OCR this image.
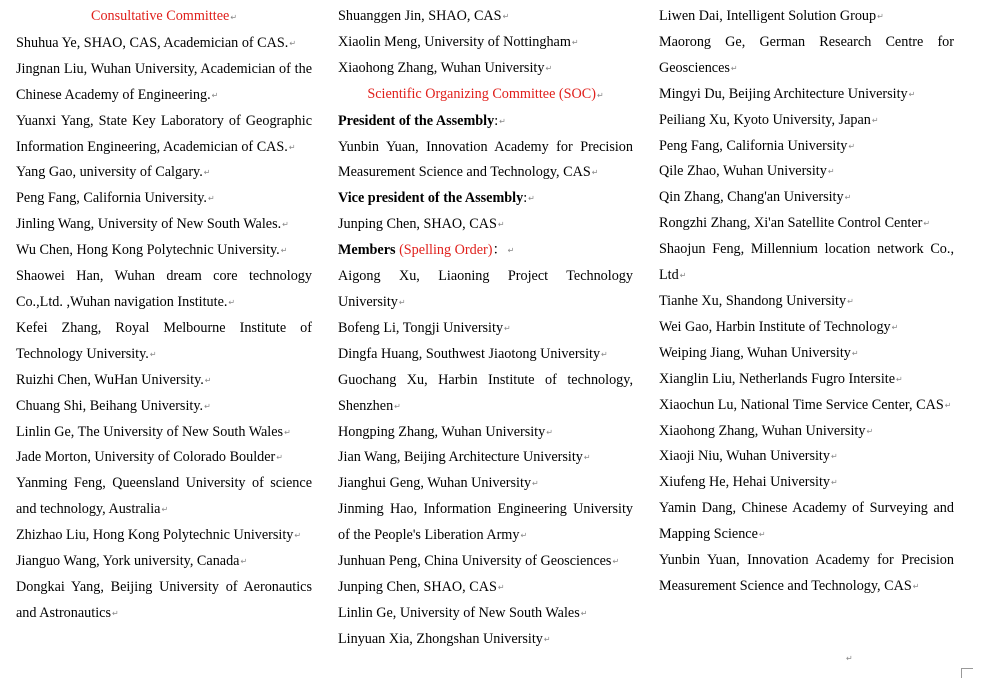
Consultative Committee ↵

Shuhua Ye, SHAO, CAS, Academician of CAS. ↵

Jingnan Liu, Wuhan University, Academician of the Chinese Academy of Engineering. ↵

Yuanxi Yang, State Key Laboratory of Geographic Information Engineering, Academician of CAS. ↵

Yang Gao, university of Calgary. ↵

Peng Fang, California University. ↵

Jinling Wang, University of New South Wales. ↵

Wu Chen, Hong Kong Polytechnic University. ↵

Shaowei Han, Wuhan dream core technology Co.,Ltd. ,Wuhan navigation Institute. ↵

Kefei Zhang, Royal Melbourne Institute of Technology University. ↵

Ruizhi Chen, WuHan University. ↵

Chuang Shi, Beihang University. ↵

Linlin Ge, The University of New South Wales ↵

Jade Morton, University of Colorado Boulder ↵

Yanming Feng, Queensland University of science and technology, Australia ↵

Zhizhao Liu, Hong Kong Polytechnic University ↵

Jianguo Wang, York university, Canada ↵

Dongkai Yang, Beijing University of Aeronautics and Astronautics ↵

Shuanggen Jin, SHAO, CAS ↵

Xiaolin Meng, University of Nottingham ↵

Xiaohong Zhang, Wuhan University ↵

Scientific Organizing Committee (SOC) ↵

President of the Assembly: ↵

Yunbin Yuan, Innovation Academy for Precision Measurement Science and Technology, CAS ↵

Vice president of the Assembly: ↵

Junping Chen, SHAO, CAS ↵

Members (Spelling Order)： ↵

Aigong Xu, Liaoning Project Technology University ↵

Bofeng Li, Tongji University ↵

Dingfa Huang, Southwest Jiaotong University ↵

Guochang Xu, Harbin Institute of technology, Shenzhen ↵

Hongping Zhang, Wuhan University ↵

Jian Wang, Beijing Architecture University ↵

Jianghui Geng, Wuhan University ↵

Jinming Hao, Information Engineering University of the People's Liberation Army ↵

Junhuan Peng, China University of Geosciences ↵

Junping Chen, SHAO, CAS ↵

Linlin Ge, University of New South Wales ↵

Linyuan Xia, Zhongshan University ↵

Liwen Dai, Intelligent Solution Group ↵

Maorong Ge, German Research Centre for Geosciences ↵

Mingyi Du, Beijing Architecture University ↵

Peiliang Xu, Kyoto University, Japan ↵

Peng Fang, California University ↵

Qile Zhao, Wuhan University ↵

Qin Zhang, Chang'an University ↵

Rongzhi Zhang, Xi'an Satellite Control Center ↵

Shaojun Feng, Millennium location network Co., Ltd ↵

Tianhe Xu, Shandong University ↵

Wei Gao, Harbin Institute of Technology ↵

Weiping Jiang, Wuhan University ↵

Xianglin Liu, Netherlands Fugro Intersite ↵

Xiaochun Lu, National Time Service Center, CAS ↵

Xiaohong Zhang, Wuhan University ↵

Xiaoji Niu, Wuhan University ↵

Xiufeng He, Hehai University ↵

Yamin Dang, Chinese Academy of Surveying and Mapping Science ↵

Yunbin Yuan, Innovation Academy for Precision Measurement Science and Technology, CAS ↵

↵
